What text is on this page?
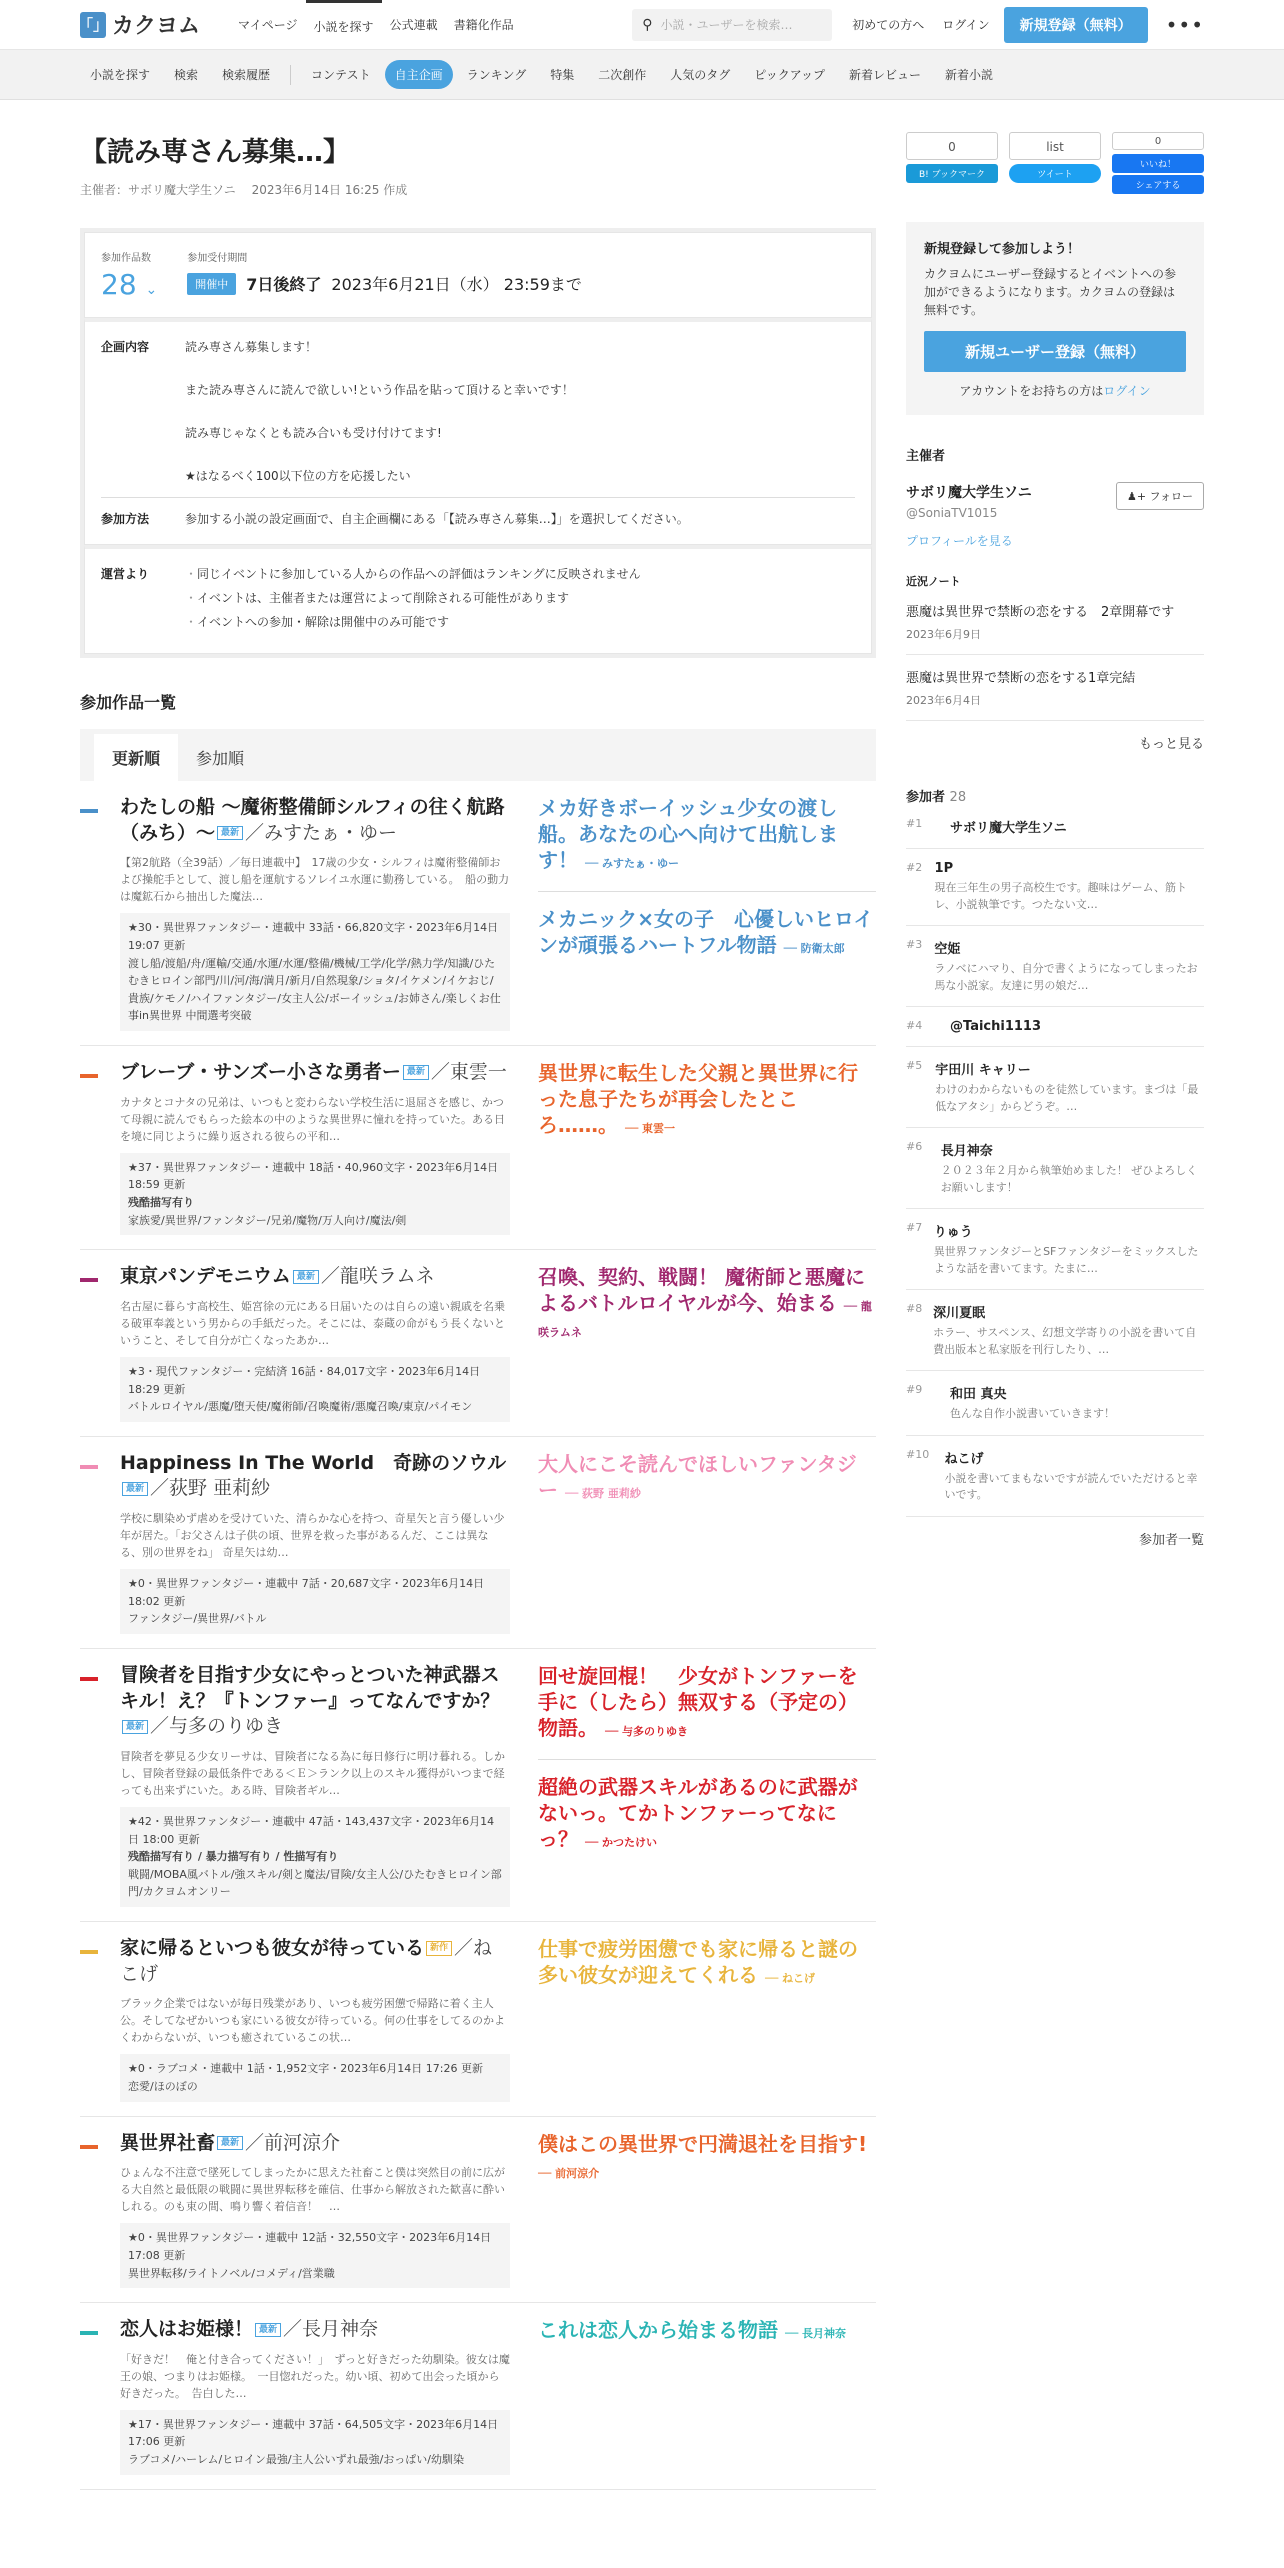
「」 カクヨム	マイページ	小説を探す	公式連載	書籍化作品	⚲ 小説・ユーザーを検索…	初めての方へ	ログイン	新規登録（無料）	•••
小説を探す	検索	検索履歴	コンテスト	自主企画	ランキング	特集	二次創作	人気のタグ	ピックアップ	新着レビュー	新着小説
【読み専さん募集…】
主催者：サボリ魔大学生ソニ　 2023年6月14日 16:25 作成
参加作品数
28 ⌄
参加受付期間
開催中	7日後終了 2023年6月21日（水） 23:59まで
企画内容	読み専さん募集します！

また読み専さんに読んで欲しい!という作品を貼って頂けると幸いです！

読み専じゃなくとも読み合いも受け付けてます!

★はなるべく100以下位の方を応援したい

参加方法	参加する小説の設定画面で、自主企画欄にある「【読み専さん募集…】」を選択してください。
運営より
・	同じイベントに参加している人からの作品への評価はランキングに反映されません
・ イベントは、主催者または運営によって削除される可能性があります
・ イベントへの参加・解除は開催中のみ可能です
参加作品一覧
更新順	参加順
わたしの船 ～魔術整備師シルフィの往く航路（みち）～ 最新 ／みすたぁ・ゆー
【第2航路（全39話）／毎日連載中】　17歳の少女・シルフィは魔術整備師および操舵手として、渡し船を運航するソレイユ水運に勤務している。　船の動力は魔鉱石から抽出した魔法…
★30・異世界ファンタジー・連載中 33話・66,820文字・2023年6月14日 19:07 更新
渡し船/渡船/舟/運輸/交通/水運/水運/整備/機械/工学/化学/熱力学/知識/ひたむきヒロイン部門/川/河/海/満月/新月/自然現象/ショタ/イケメン/イケおじ/貴族/ケモノ/ハイファンタジー/女主人公/ボーイッシュ/お姉さん/楽しくお仕事in異世界 中間選考突破
メカ好きボーイッシュ少女の渡し船。あなたの心へ向けて出航します！ ── みすたぁ・ゆー
メカニック×女の子　心優しいヒロインが頑張るハートフル物語 ── 防衛太郎
ブレーブ・サンズー小さな勇者ー 最新 ／東雲一
カナタとコナタの兄弟は、いつもと変わらない学校生活に退屈さを感じ、かつて母親に読んでもらった絵本の中のような異世界に憧れを持っていた。ある日を境に同じように繰り返される彼らの平和…
★37・異世界ファンタジー・連載中 18話・40,960文字・2023年6月14日 18:59 更新
残酷描写有り
家族愛/異世界/ファンタジー/兄弟/魔物/万人向け/魔法/剣
異世界に転生した父親と異世界に行った息子たちが再会したところ……。 ── 東雲一
東京パンデモニウム 最新 ／龍咲ラムネ
名古屋に暮らす高校生、姫宮徐の元にある日届いたのは自らの遠い親戚を名乗る破軍奉義という男からの手紙だった。そこには、泰蔵の命がもう長くないということ、そして自分が亡くなったあか…
★3・現代ファンタジー・完結済 16話・84,017文字・2023年6月14日 18:29 更新
バトルロイヤル/悪魔/堕天使/魔術師/召喚魔術/悪魔召喚/東京/パイモン
召喚、契約、戦闘！ 魔術師と悪魔によるバトルロイヤルが今、始まる ── 龍咲ラムネ
Happiness In The World　奇跡のソウル最新 ／荻野 亜莉紗
学校に馴染めず虐めを受けていた、清らかな心を持つ、奇星矢と言う優しい少年が居た。「お父さんは子供の頃、世界を救った事があるんだ、ここは異なる、別の世界をね」 奇星矢は幼…
★0・異世界ファンタジー・連載中 7話・20,687文字・2023年6月14日 18:02 更新
ファンタジー/異世界/バトル
大人にこそ読んでほしいファンタジー ── 荻野 亜莉紗
冒険者を目指す少女にやっとついた神武器スキル！え？『トンファー』ってなんですか？最新 ／与多のりゆき
冒険者を夢見る少女リーサは、冒険者になる為に毎日修行に明け暮れる。しかし、冒険者登録の最低条件である＜Ｅ＞ランク以上のスキル獲得がいつまで経っても出来ずにいた。ある時、冒険者ギル…
★42・異世界ファンタジー・連載中 47話・143,437文字・2023年6月14日 18:00 更新
残酷描写有り / 暴力描写有り / 性描写有り
戦闘/MOBA風バトル/強スキル/剣と魔法/冒険/女主人公/ひたむきヒロイン部門/カクヨムオンリー
回せ旋回棍！　少女がトンファーを手に（したら）無双する（予定の）物語。 ── 与多のりゆき
超絶の武器スキルがあるのに武器がないっ。てかトンファーってなにっ？ ── かつたけい
家に帰るといつも彼女が待っている 新作 ／ねこげ
ブラック企業ではないが毎日残業があり、いつも疲労困憊で帰路に着く主人公。そしてなぜかいつも家にいる彼女が待っている。何の仕事をしてるのかよくわからないが、いつも癒されているこの状…
★0・ラブコメ・連載中 1話・1,952文字・2023年6月14日 17:26 更新
恋愛/ほのぼの
仕事で疲労困憊でも家に帰ると謎の多い彼女が迎えてくれる ── ねこげ
異世界社畜 最新 ／前河涼介
ひょんな不注意で墜死してしまったかに思えた社畜こと僕は突然目の前に広がる大自然と最低限の戦闘に異世界転移を確信、仕事から解放された歓喜に酔いしれる。のも束の間、鳴り響く着信音！　…
★0・異世界ファンタジー・連載中 12話・32,550文字・2023年6月14日 17:08 更新
異世界転移/ライトノベル/コメディ/営業職
僕はこの異世界で円満退社を目指す! ── 前河涼介
恋人はお姫様！ 最新 ／長月神奈
「好きだ！　俺と付き合ってください！」　ずっと好きだった幼馴染。彼女は魔王の娘、つまりはお姫様。　一目惚れだった。幼い頃、初めて出会った頃から好きだった。　告白した…
★17・異世界ファンタジー・連載中 37話・64,505文字・2023年6月14日 17:06 更新
ラブコメ/ハーレム/ヒロイン最強/主人公いずれ最強/おっぱい/幼馴染
これは恋人から始まる物語 ── 長月神奈
0
B! ブックマーク
list
ツイート
0
いいね！
シェアする
新規登録して参加しよう！

カクヨムにユーザー登録するとイベントへの参加ができるようになります。カクヨムの登録は無料です。

新規ユーザー登録（無料）
アカウントをお持ちの方はログイン
主催者
サボリ魔大学生ソニ
@SoniaTV1015
♟+ フォロー
プロフィールを見る
近況ノート
悪魔は異世界で禁断の恋をする　2章開幕です
2023年6月9日
悪魔は異世界で禁断の恋をする1章完結
2023年6月4日
もっと見る
参加者 28
#1	サボリ魔大学生ソニ
#2 1P
現在三年生の男子高校生です。趣味はゲーム、筋トレ、小説執筆です。つたない文…
#3 空姫
ラノベにハマり、自分で書くようになってしまったお馬な小説家。友達に男の娘だ…
#4	@Taichi1113
#5 宇田川 キャリー
わけのわからないものを徒然しています。まづは「最低なアタシ」からどうぞ。…
#6	長月神奈
２０２３年２月から執筆始めました！ ぜひよろしくお願いします！
#7 りゅう
異世界ファンタジーとSFファンタジーをミックスしたような話を書いてます。たまに…
#8 深川夏眠
ホラー、サスペンス、幻想文学寄りの小説を書いて自費出版本と私家版を刊行したり、…
#9	和田 真央
色んな自作小説書いていきます！
#10	ねこげ
小説を書いてまもないですが読んでいただけると幸いです。
参加者一覧
